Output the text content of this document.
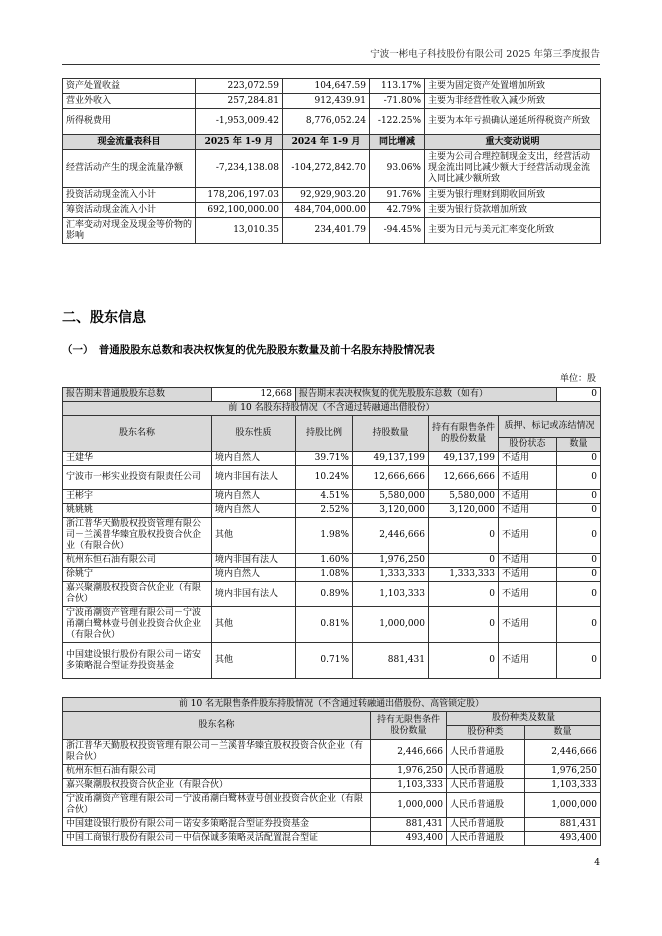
宁波一彬电子科技股份有限公司 2025 年第三季度报告
资产处置收益	223,072.59	104,647.59	113.17%	主要为固定资产处置增加所致
营业外收入	257,284.81	912,439.91	-71.80%	主要为非经营性收入减少所致
所得税费用	-1,953,009.42	8,776,052.24	-122.25%	主要为本年亏损确认递延所得税资产所致
现金流量表科目	2025 年 1-9 月	2024 年 1-9 月	同比增减	重大变动说明
经营活动产生的现金流量净额	-7,234,138.08	-104,272,842.70	93.06%	主要为公司合理控制现金支出，经营活动现金流出同比减少额大于经营活动现金流入同比减少额所致
投资活动现金流入小计	178,206,197.03	92,929,903.20	91.76%	主要为银行理财到期收回所致
筹资活动现金流入小计	692,100,000.00	484,704,000.00	42.79%	主要为银行贷款增加所致
汇率变动对现金及现金等价物的影响	13,010.35	234,401.79	-94.45%	主要为日元与美元汇率变化所致
二、股东信息
（一）　普通股股东总数和表决权恢复的优先股股东数量及前十名股东持股情况表
单位：股
报告期末普通股股东总数	12,668	报告期末表决权恢复的优先股股东总数（如有）				0
前 10 名股东持股情况（不含通过转融通出借股份）						
股东名称	股东性质	持股比例	持股数量	持有有限售条件的股份数量	质押、标记或冻结情况	
					股份状态	数量
王建华	境内自然人	39.71%	49,137,199	49,137,199	不适用	0
宁波市一彬实业投资有限责任公司	境内非国有法人	10.24%	12,666,666	12,666,666	不适用	0
王彬宇	境内自然人	4.51%	5,580,000	5,580,000	不适用	0
姚姚姚	境内自然人	2.52%	3,120,000	3,120,000	不适用	0
浙江普华天勤股权投资管理有限公司－兰溪普华臻宜股权投资合伙企业（有限合伙）	其他	1.98%	2,446,666	0	不适用	0
杭州东恒石油有限公司	境内非国有法人	1.60%	1,976,250	0	不适用	0
徐姚宁	境内自然人	1.08%	1,333,333	1,333,333	不适用	0
嘉兴聚潮股权投资合伙企业（有限合伙）	境内非国有法人	0.89%	1,103,333	0	不适用	0
宁波甬潮资产管理有限公司－宁波甬潮白鹭林壹号创业投资合伙企业（有限合伙）	其他	0.81%	1,000,000	0	不适用	0
中国建设银行股份有限公司－诺安多策略混合型证券投资基金	其他	0.71%	881,431	0	不适用	0
前 10 名无限售条件股东持股情况（不含通过转融通出借股份、高管锁定股）			
股东名称	持有无限售条件股份数量	股份种类及数量	
		股份种类	数量
浙江普华天勤股权投资管理有限公司－兰溪普华臻宜股权投资合伙企业（有限合伙）	2,446,666	人民币普通股	2,446,666
杭州东恒石油有限公司	1,976,250	人民币普通股	1,976,250
嘉兴聚潮股权投资合伙企业（有限合伙）	1,103,333	人民币普通股	1,103,333
宁波甬潮资产管理有限公司－宁波甬潮白鹭林壹号创业投资合伙企业（有限合伙）	1,000,000	人民币普通股	1,000,000
中国建设银行股份有限公司－诺安多策略混合型证券投资基金	881,431	人民币普通股	881,431
中国工商银行股份有限公司－中信保诚多策略灵活配置混合型证	493,400	人民币普通股	493,400
4
